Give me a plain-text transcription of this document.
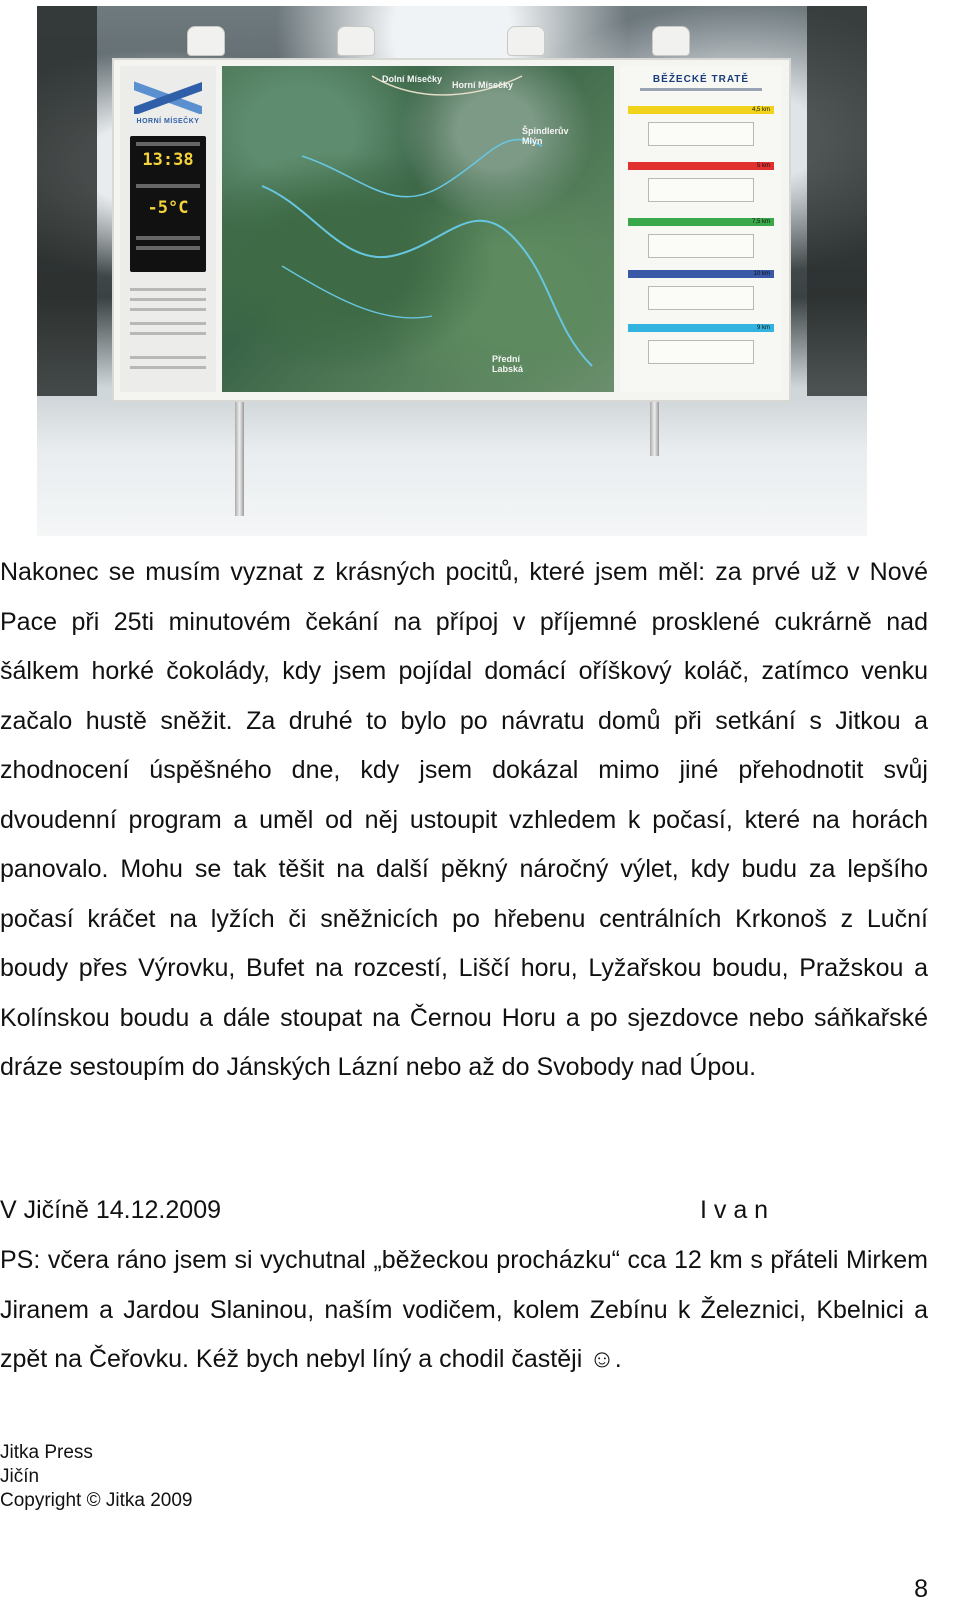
HORNÍ MÍSEČKY
13:38
-5°C
Dolní Mísečky
Horní Mísečky
Špindlerův Mlýn
Přední Labská
BĚŽECKÉ TRATĚ
4,5 km
5 km
7,5 km
10 km
9 km

Nakonec se musím vyznat z krásných pocitů, které jsem měl: za prvé už v Nové Pace při 25ti minutovém čekání na přípoj v příjemné prosklené cukrárně nad šálkem horké čokolády, kdy jsem pojídal domácí oříškový koláč, zatímco venku začalo hustě sněžit. Za druhé to bylo po návratu domů při setkání s Jitkou a zhodnocení úspěšného dne, kdy jsem dokázal mimo jiné přehodnotit svůj dvoudenní program a uměl od něj ustoupit vzhledem k počasí, které na horách panovalo. Mohu se tak těšit na další pěkný náročný výlet, kdy budu za lepšího počasí kráčet na lyžích či sněžnicích po hřebenu centrálních Krkonoš z Luční boudy přes Výrovku, Bufet na rozcestí, Liščí horu, Lyžařskou boudu, Pražskou a Kolínskou boudu a dále stoupat na Černou Horu a po sjezdovce nebo sáňkařské dráze sestoupím do Jánských Lázní nebo až do Svobody nad Úpou.

V Jičíně 14.12.2009	I v a n

PS: včera ráno jsem si vychutnal „běžeckou procházku“ cca 12 km s přáteli Mirkem Jiranem a Jardou Slaninou, naším vodičem, kolem Zebínu k Železnici, Kbelnici a zpět na Čeřovku. Kéž bych nebyl líný a chodil častěji ☺.

Jitka Press
Jičín
Copyright © Jitka 2009
8
